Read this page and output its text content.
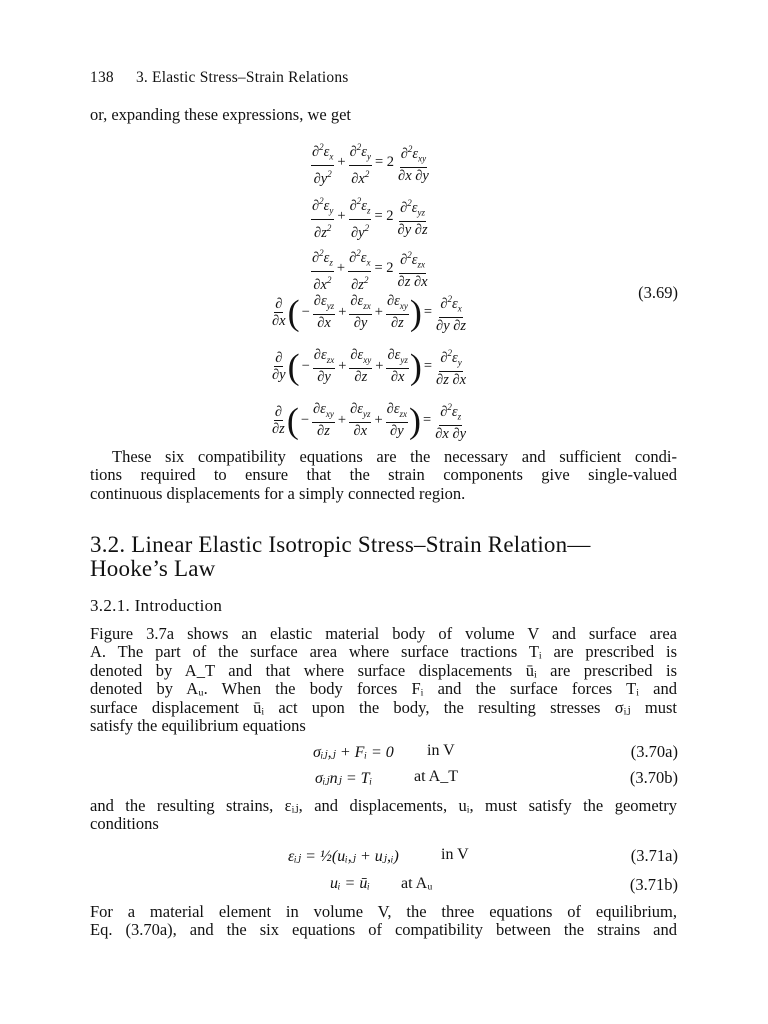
138 3. Elastic Stress–Strain Relations
or, expanding these expressions, we get
$\frac{\partial^2\varepsilon_x}{\partial y^2} + \frac{\partial^2\varepsilon_y}{\partial x^2} = 2 \frac{\partial^2\varepsilon_{xy}}{\partial x \partial y}$
$\frac{\partial^2\varepsilon_y}{\partial z^2} + \frac{\partial^2\varepsilon_z}{\partial y^2} = 2 \frac{\partial^2\varepsilon_{yz}}{\partial y \partial z}$
$\frac{\partial^2\varepsilon_z}{\partial x^2} + \frac{\partial^2\varepsilon_x}{\partial z^2} = 2 \frac{\partial^2\varepsilon_{zx}}{\partial z \partial x}$
(3.69)
$\frac{\partial}{\partial x}$ ( − $\frac{\partial\varepsilon_{yz}}{\partial x} + \frac{\partial\varepsilon_{zx}}{\partial y} + \frac{\partial\varepsilon_{xy}}{\partial z}$ ) = $\frac{\partial^2\varepsilon_x}{\partial y \partial z}$
$\frac{\partial}{\partial y}$ ( − $\frac{\partial\varepsilon_{zx}}{\partial y} + \frac{\partial\varepsilon_{xy}}{\partial z} + \frac{\partial\varepsilon_{yz}}{\partial x}$ ) = $\frac{\partial^2\varepsilon_y}{\partial z \partial x}$
$\frac{\partial}{\partial z}$ ( − $\frac{\partial\varepsilon_{xy}}{\partial z} + \frac{\partial\varepsilon_{yz}}{\partial x} + \frac{\partial\varepsilon_{zx}}{\partial y}$ ) = $\frac{\partial^2\varepsilon_z}{\partial x \partial y}$
These six compatibility equations are the necessary and sufficient condi-
tions required to ensure that the strain components give single-valued
continuous displacements for a simply connected region.
3.2. Linear Elastic Isotropic Stress–Strain Relation—
Hooke’s Law
3.2.1. Introduction
Figure 3.7a shows an elastic material body of volume V and surface area
A. The part of the surface area where surface tractions Tᵢ are prescribed is
denoted by A_T and that where surface displacements ūᵢ are prescribed is
denoted by Aᵤ. When the body forces Fᵢ and the surface forces Tᵢ and
surface displacement ūᵢ act upon the body, the resulting stresses σᵢⱼ must
satisfy the equilibrium equations
σᵢⱼ,ⱼ + Fᵢ = 0 in V	(3.70a)
σᵢⱼnⱼ = Tᵢ	at A_T	(3.70b)
and the resulting strains, εᵢⱼ, and displacements, uᵢ, must satisfy the geometry
conditions
εᵢⱼ = ½(uᵢ,ⱼ + uⱼ,ᵢ)	in V	(3.71a)
uᵢ = ūᵢ at Aᵤ	(3.71b)
For a material element in volume V, the three equations of equilibrium,
Eq. (3.70a), and the six equations of compatibility between the strains and
